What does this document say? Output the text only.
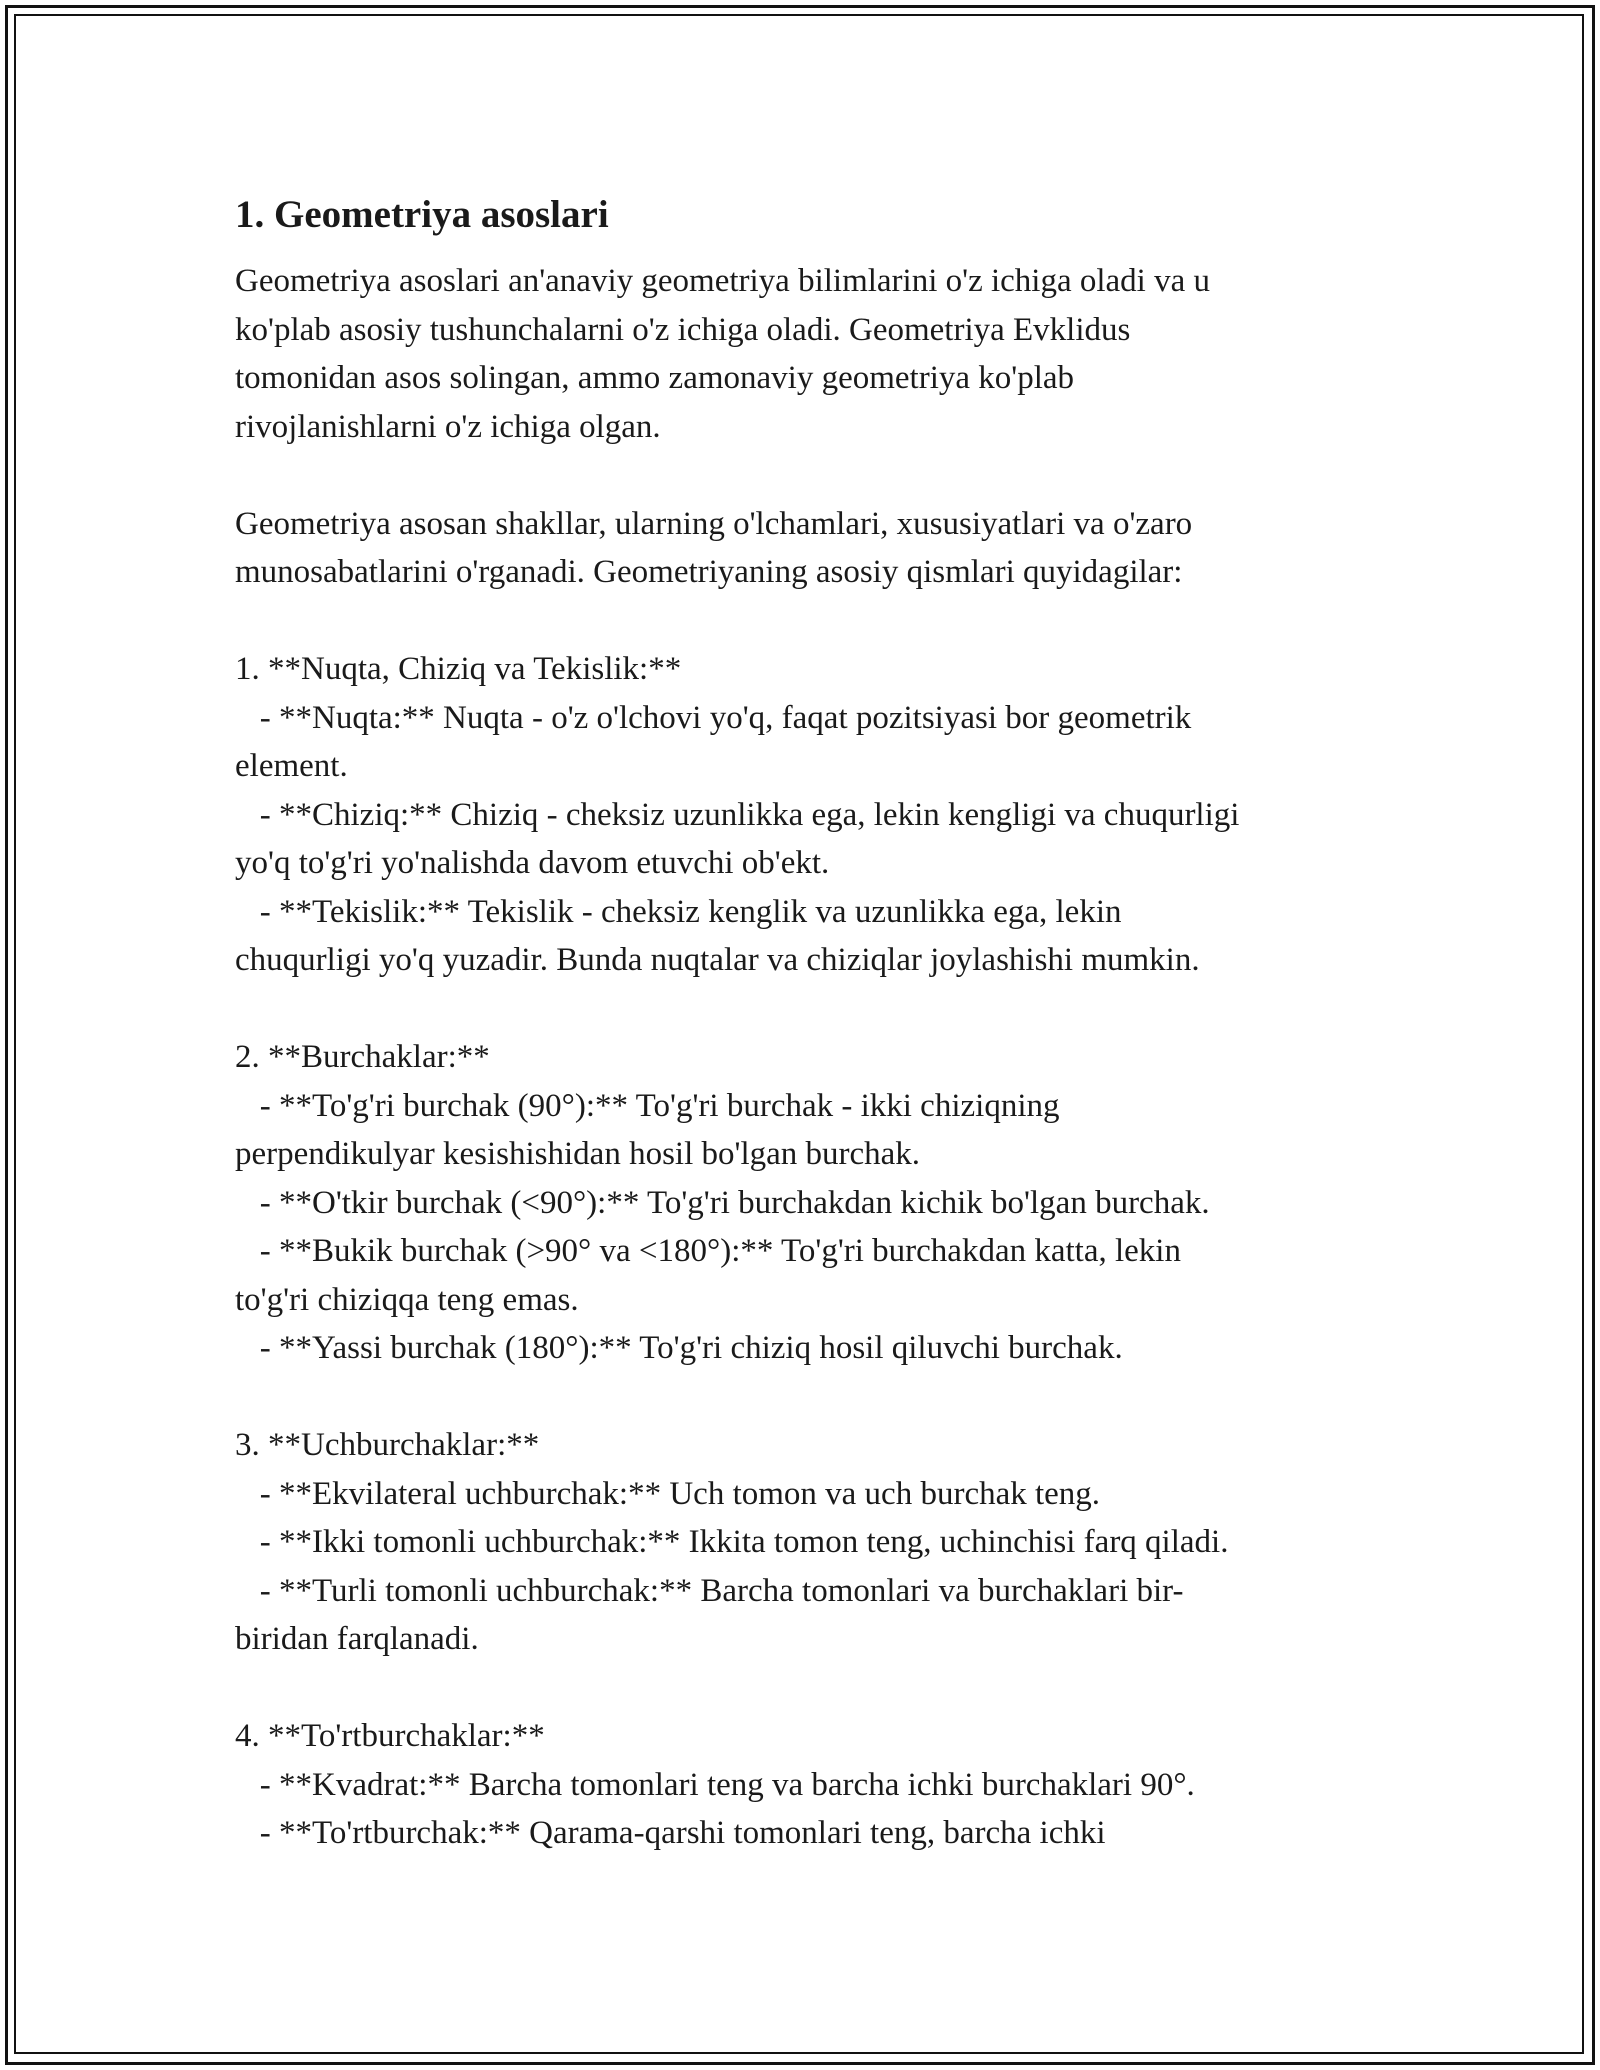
1. Geometriya asoslari

Geometriya asoslari an'anaviy geometriya bilimlarini o'z ichiga oladi va u
ko'plab asosiy tushunchalarni o'z ichiga oladi. Geometriya Evklidus
tomonidan asos solingan, ammo zamonaviy geometriya ko'plab
rivojlanishlarni o'z ichiga olgan.

Geometriya asosan shakllar, ularning o'lchamlari, xususiyatlari va o'zaro
munosabatlarini o'rganadi. Geometriyaning asosiy qismlari quyidagilar:

1. **Nuqta, Chiziq va Tekislik:**
- **Nuqta:** Nuqta - o'z o'lchovi yo'q, faqat pozitsiyasi bor geometrik
element.
- **Chiziq:** Chiziq - cheksiz uzunlikka ega, lekin kengligi va chuqurligi
yo'q to'g'ri yo'nalishda davom etuvchi ob'ekt.
- **Tekislik:** Tekislik - cheksiz kenglik va uzunlikka ega, lekin
chuqurligi yo'q yuzadir. Bunda nuqtalar va chiziqlar joylashishi mumkin.

2. **Burchaklar:**
- **To'g'ri burchak (90°):** To'g'ri burchak - ikki chiziqning
perpendikulyar kesishishidan hosil bo'lgan burchak.
- **O'tkir burchak (<90°):** To'g'ri burchakdan kichik bo'lgan burchak.
- **Bukik burchak (>90° va <180°):** To'g'ri burchakdan katta, lekin
to'g'ri chiziqqa teng emas.
- **Yassi burchak (180°):** To'g'ri chiziq hosil qiluvchi burchak.

3. **Uchburchaklar:**
- **Ekvilateral uchburchak:** Uch tomon va uch burchak teng.
- **Ikki tomonli uchburchak:** Ikkita tomon teng, uchinchisi farq qiladi.
- **Turli tomonli uchburchak:** Barcha tomonlari va burchaklari bir-
biridan farqlanadi.

4. **To'rtburchaklar:**
- **Kvadrat:** Barcha tomonlari teng va barcha ichki burchaklari 90°.
- **To'rtburchak:** Qarama-qarshi tomonlari teng, barcha ichki
